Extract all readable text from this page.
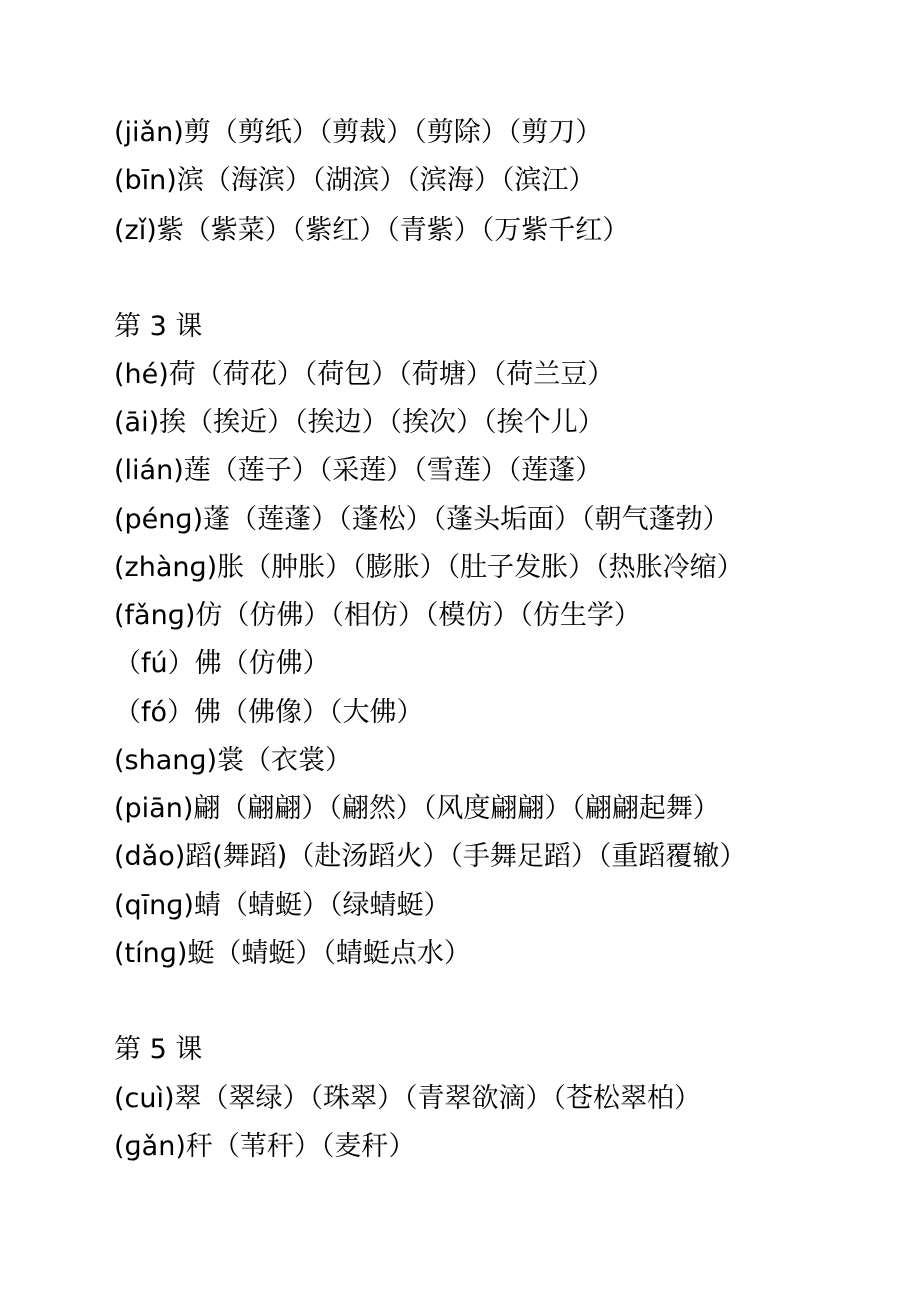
(jiǎn)剪（剪纸）（剪裁）（剪除）（剪刀）
(bīn)滨（海滨）（湖滨）（滨海）（滨江）
(zǐ)紫（紫菜）（紫红）（青紫）（万紫千红）
第 3 课
(hé)荷（荷花）（荷包）（荷塘）（荷兰豆）
(āi)挨（挨近）（挨边）（挨次）（挨个儿）
(lián)莲（莲子）（采莲）（雪莲）（莲蓬）
(pénɡ)蓬（莲蓬）（蓬松）（蓬头垢面）（朝气蓬勃）
(zhànɡ)胀（肿胀）（膨胀）（肚子发胀）（热胀冷缩）
(fǎnɡ)仿（仿佛）（相仿）（模仿）（仿生学）
（fú）佛（仿佛）
（fó）佛（佛像）（大佛）
(shanɡ)裳（衣裳）
(piān)翩（翩翩）（翩然）（风度翩翩）（翩翩起舞）
(dǎo)蹈(舞蹈)（赴汤蹈火）（手舞足蹈）（重蹈覆辙）
(qīnɡ)蜻（蜻蜓）（绿蜻蜓）
(tínɡ)蜓（蜻蜓）（蜻蜓点水）
第 5 课
(cuì)翠（翠绿）（珠翠）（青翠欲滴）（苍松翠柏）
(ɡǎn)秆（苇秆）（麦秆）
